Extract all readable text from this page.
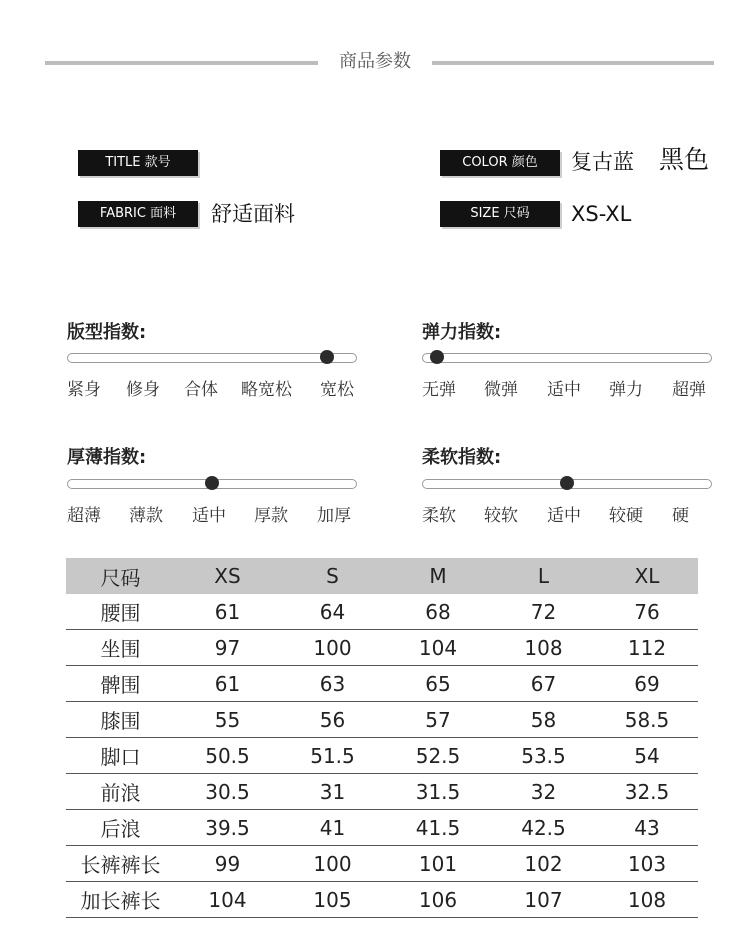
商品参数
TITLE 款号	COLOR 颜色	复古蓝 黑色
FABRIC 面料	舒适面料	SIZE 尺码	XS-XL
版型指数:
紧身 修身 合体 略宽松 宽松
弹力指数:
无弹 微弹 适中 弹力 超弹
厚薄指数:
超薄 薄款 适中 厚款 加厚
柔软指数:
柔软 较软 适中 较硬 硬
尺码	XS	S	M	L	XL
腰围	61	64	68	72	76
坐围	97	100	104	108	112
髀围	61	63	65	67	69
膝围	55	56	57	58	58.5
脚口	50.5	51.5	52.5	53.5	54
前浪	30.5	31	31.5	32	32.5
后浪	39.5	41	41.5	42.5	43
长裤裤长	99	100	101	102	103
加长裤长	104	105	106	107	108
